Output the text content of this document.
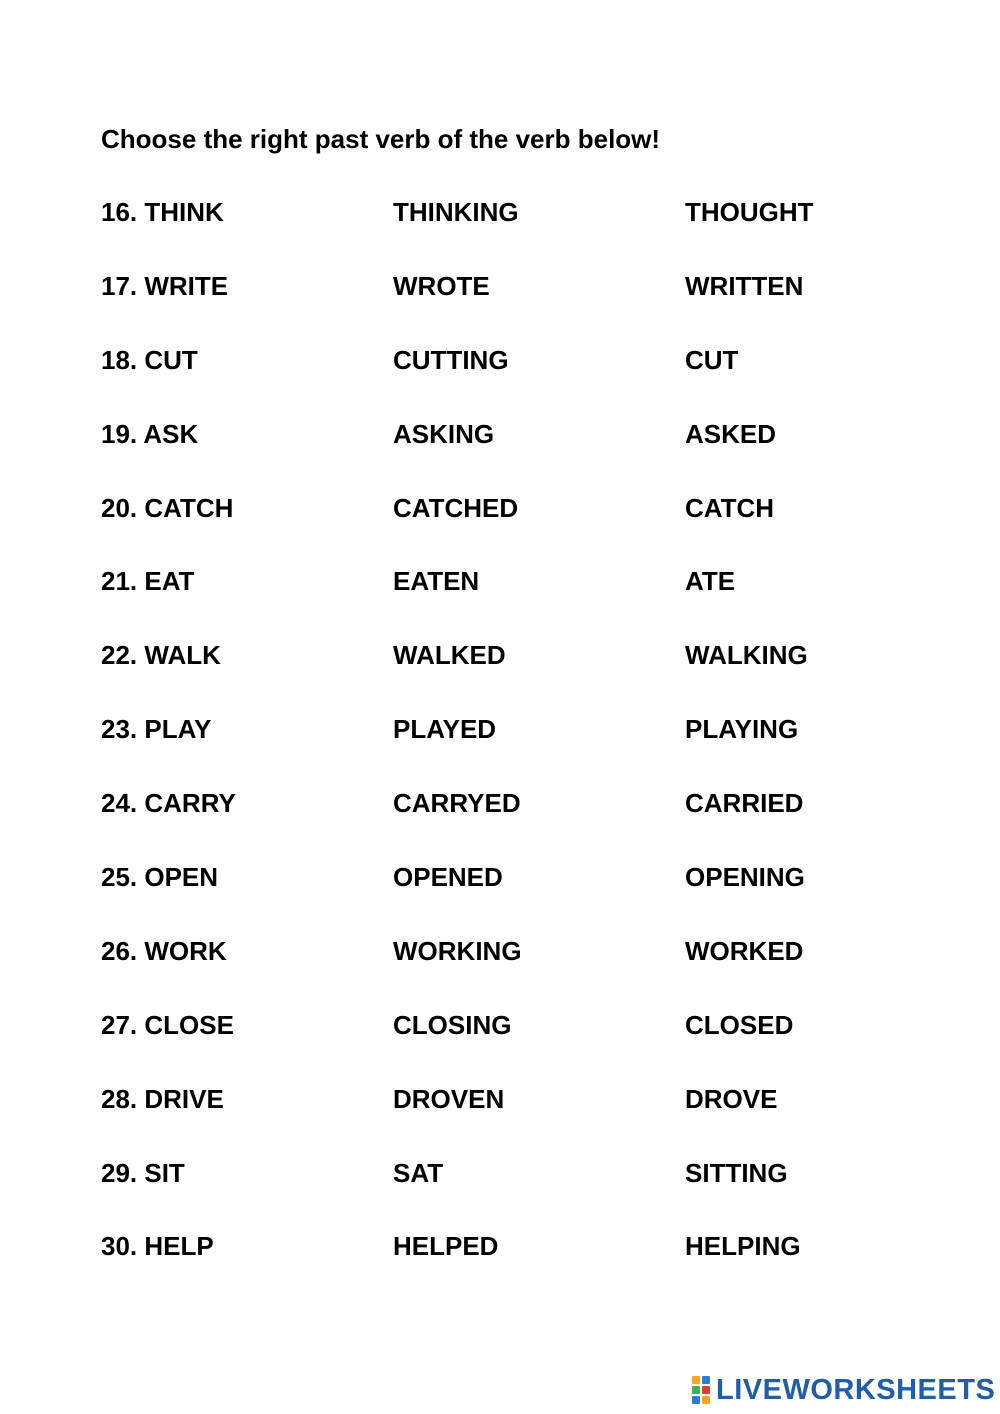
Choose the right past verb of the verb below!
16. THINK	THINKING	THOUGHT
17. WRITE	WROTE	WRITTEN
18. CUT	CUTTING	CUT
19. ASK	ASKING	ASKED
20. CATCH	CATCHED	CATCH
21. EAT	EATEN	ATE
22. WALK	WALKED	WALKING
23. PLAY	PLAYED	PLAYING
24. CARRY	CARRYED	CARRIED
25. OPEN	OPENED	OPENING
26. WORK	WORKING	WORKED
27. CLOSE	CLOSING	CLOSED
28. DRIVE	DROVEN	DROVE
29. SIT	SAT	SITTING
30. HELP	HELPED	HELPING
LIVEWORKSHEETS
